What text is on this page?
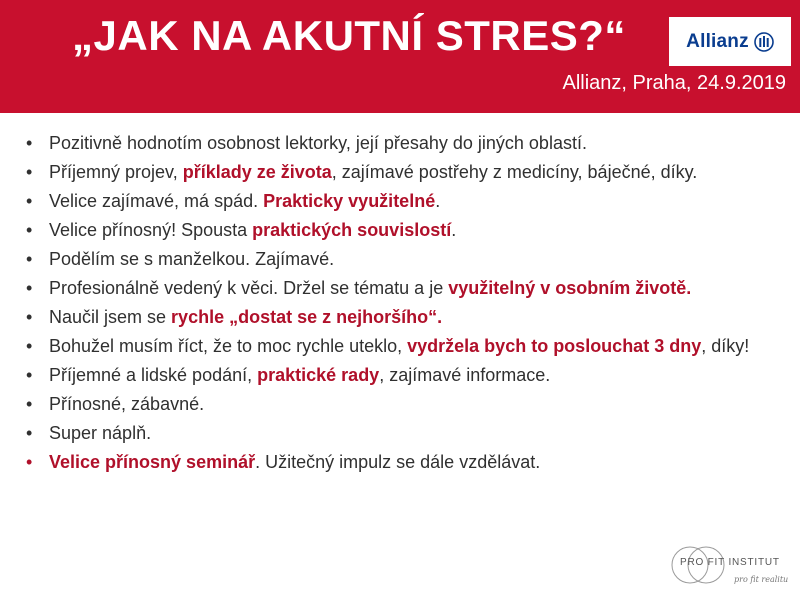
„JAK NA AKUTNÍ STRES?“	Allianz
Allianz, Praha, 24.9.2019
• Pozitivně hodnotím osobnost lektorky, její přesahy do jiných oblastí.
• Příjemný projev, příklady ze života, zajímavé postřehy z medicíny, báječné, díky.
• Velice zajímavé, má spád. Prakticky využitelné.
• Velice přínosný! Spousta praktických souvislostí.
• Podělím se s manželkou. Zajímavé.
• Profesionálně vedený k věci. Držel se tématu a je využitelný v osobním životě.
• Naučil jsem se rychle „dostat se z nejhoršího“.
• Bohužel musím říct, že to moc rychle uteklo, vydržela bych to poslouchat 3 dny, díky!
• Příjemné a lidské podání, praktické rady, zajímavé informace.
• Přínosné, zábavné.
• Super náplň.
• Velice přínosný seminář. Užitečný impulz se dále vzdělávat.
PRO FIT INSTITUT
pro fit realitu
